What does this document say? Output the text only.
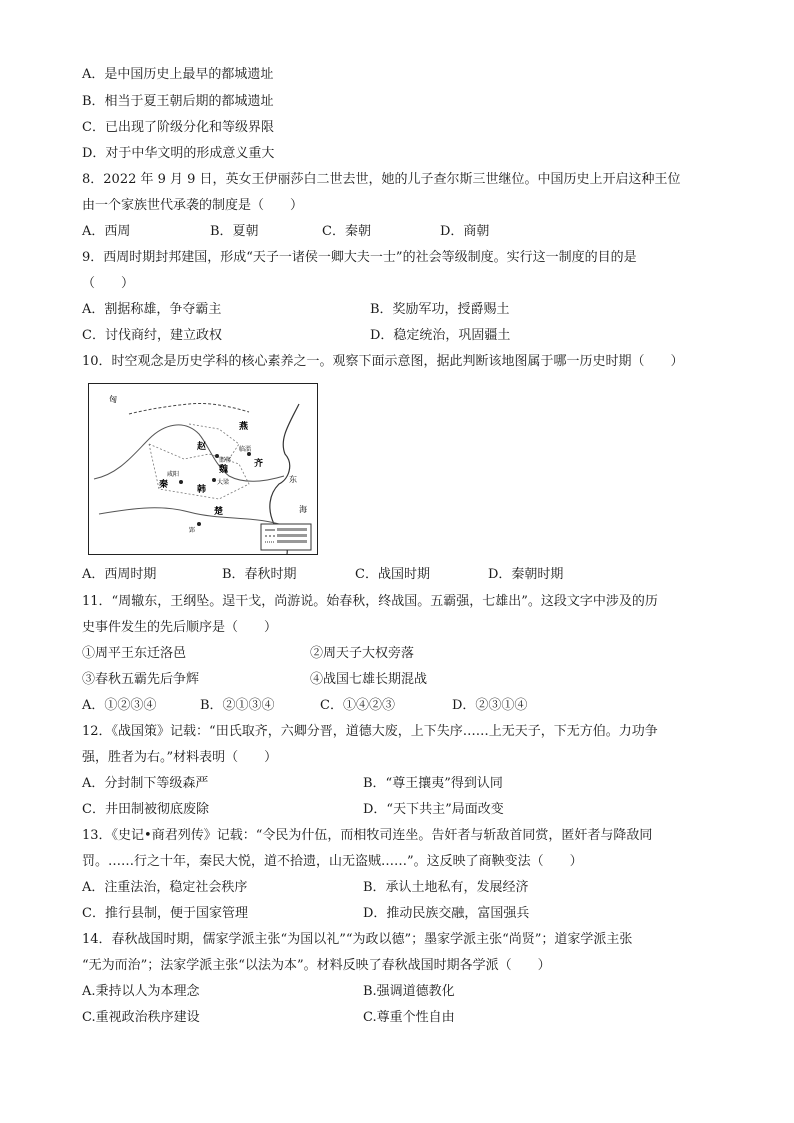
A．是中国历史上最早的都城遗址
B．相当于夏王朝后期的都城遗址
C．已出现了阶级分化和等级界限
D．对于中华文明的形成意义重大
8．2022 年 9 月 9 日，英女王伊丽莎白二世去世，她的儿子查尔斯三世继位。中国历史上开启这种王位
由一个家族世代承袭的制度是（　　）
A．西周	B．夏朝	C．秦朝	D．商朝
9．西周时期封邦建国，形成“天子一诸侯一卿大夫一士”的社会等级制度。实行这一制度的目的是
（　　）
A．割据称雄，争夺霸主	B．奖励军功，授爵赐土
C．讨伐商纣，建立政权	D．稳定统治，巩固疆土
10．时空观念是历史学科的核心素养之一。观察下面示意图，据此判断该地图属于哪一历史时期（　　）
匈
赵
燕
齐
秦	韩
魏
楚
东
海
咸阳
邯郸
临淄
大梁
郢
A．西周时期	B．春秋时期	C．战国时期	D．秦朝时期
11．“周辙东，王纲坠。逞干戈，尚游说。始春秋，终战国。五霸强，七雄出”。这段文字中涉及的历
史事件发生的先后顺序是（　　）
①周平王东迁洛邑	②周天子大权旁落
③春秋五霸先后争辉	④战国七雄长期混战
A．①②③④	B．②①③④	C．①④②③	D．②③①④
12．《战国策》记载：“田氏取齐，六卿分晋，道德大废，上下失序……上无天子，下无方伯。力功争
强，胜者为右。”材料表明（　　）
A．分封制下等级森严	B．“尊王攘夷”得到认同
C．井田制被彻底废除	D．“天下共主”局面改变
13．《史记•商君列传》记载：“令民为什伍，而相牧司连坐。告奸者与斩敌首同赏，匿奸者与降敌同
罚。……行之十年，秦民大悦，道不拾遗，山无盗贼……”。这反映了商鞅变法（　　）
A．注重法治，稳定社会秩序	B．承认土地私有，发展经济
C．推行县制，便于国家管理	D．推动民族交融，富国强兵
14．春秋战国时期，儒家学派主张“为国以礼”“为政以德”；墨家学派主张“尚贤”；道家学派主张
“无为而治”；法家学派主张“以法为本”。材料反映了春秋战国时期各学派（　　）
A.秉持以人为本理念	B.强调道德教化
C.重视政治秩序建设	C.尊重个性自由
